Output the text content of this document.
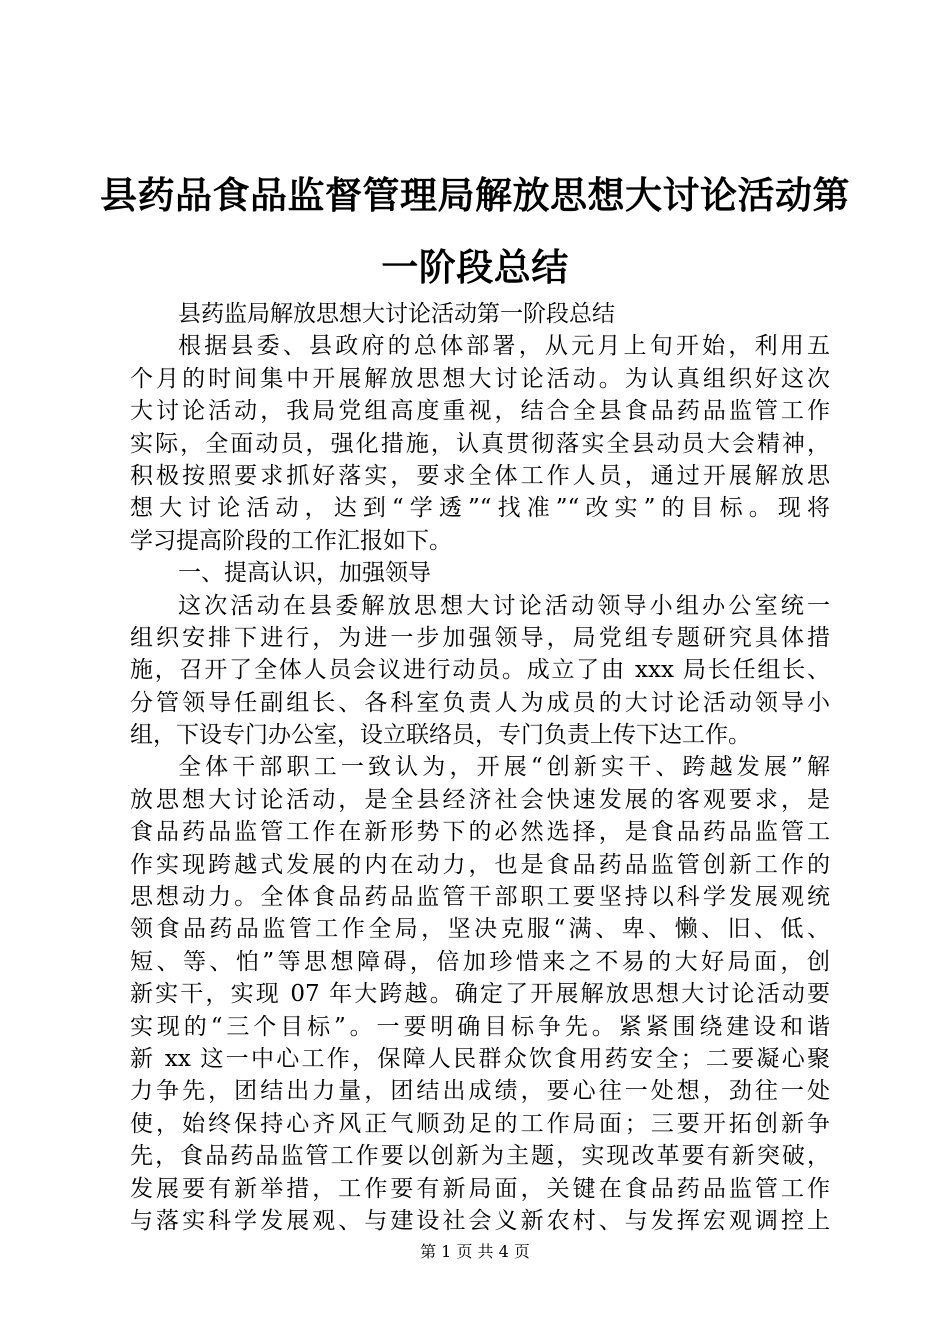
县药品食品监督管理局解放思想大讨论活动第
一阶段总结
县药监局解放思想大讨论活动第一阶段总结
根据县委、县政府的总体部署，从元月上旬开始，利用五
个月的时间集中开展解放思想大讨论活动。为认真组织好这次
大讨论活动，我局党组高度重视，结合全县食品药品监管工作
实际，全面动员，强化措施，认真贯彻落实全县动员大会精神，
积极按照要求抓好落实，要求全体工作人员，通过开展解放思
想大讨论活动，达到“学透”“找准”“改实”的目标。现将
学习提高阶段的工作汇报如下。
一、提高认识，加强领导
这次活动在县委解放思想大讨论活动领导小组办公室统一
组织安排下进行，为进一步加强领导，局党组专题研究具体措
施，召开了全体人员会议进行动员。成立了由 xxx 局长任组长、
分管领导任副组长、各科室负责人为成员的大讨论活动领导小
组，下设专门办公室，设立联络员，专门负责上传下达工作。
全体干部职工一致认为，开展“创新实干、跨越发展”解
放思想大讨论活动，是全县经济社会快速发展的客观要求，是
食品药品监管工作在新形势下的必然选择，是食品药品监管工
作实现跨越式发展的内在动力，也是食品药品监管创新工作的
思想动力。全体食品药品监管干部职工要坚持以科学发展观统
领食品药品监管工作全局，坚决克服“满、卑、懒、旧、低、
短、等、怕”等思想障碍，倍加珍惜来之不易的大好局面，创
新实干，实现 07 年大跨越。确定了开展解放思想大讨论活动要
实现的“三个目标”。一要明确目标争先。紧紧围绕建设和谐
新 xx 这一中心工作，保障人民群众饮食用药安全；二要凝心聚
力争先，团结出力量，团结出成绩，要心往一处想，劲往一处
使，始终保持心齐风正气顺劲足的工作局面；三要开拓创新争
先，食品药品监管工作要以创新为主题，实现改革要有新突破，
发展要有新举措，工作要有新局面，关键在食品药品监管工作
与落实科学发展观、与建设社会义新农村、与发挥宏观调控上
第 1 页 共 4 页
